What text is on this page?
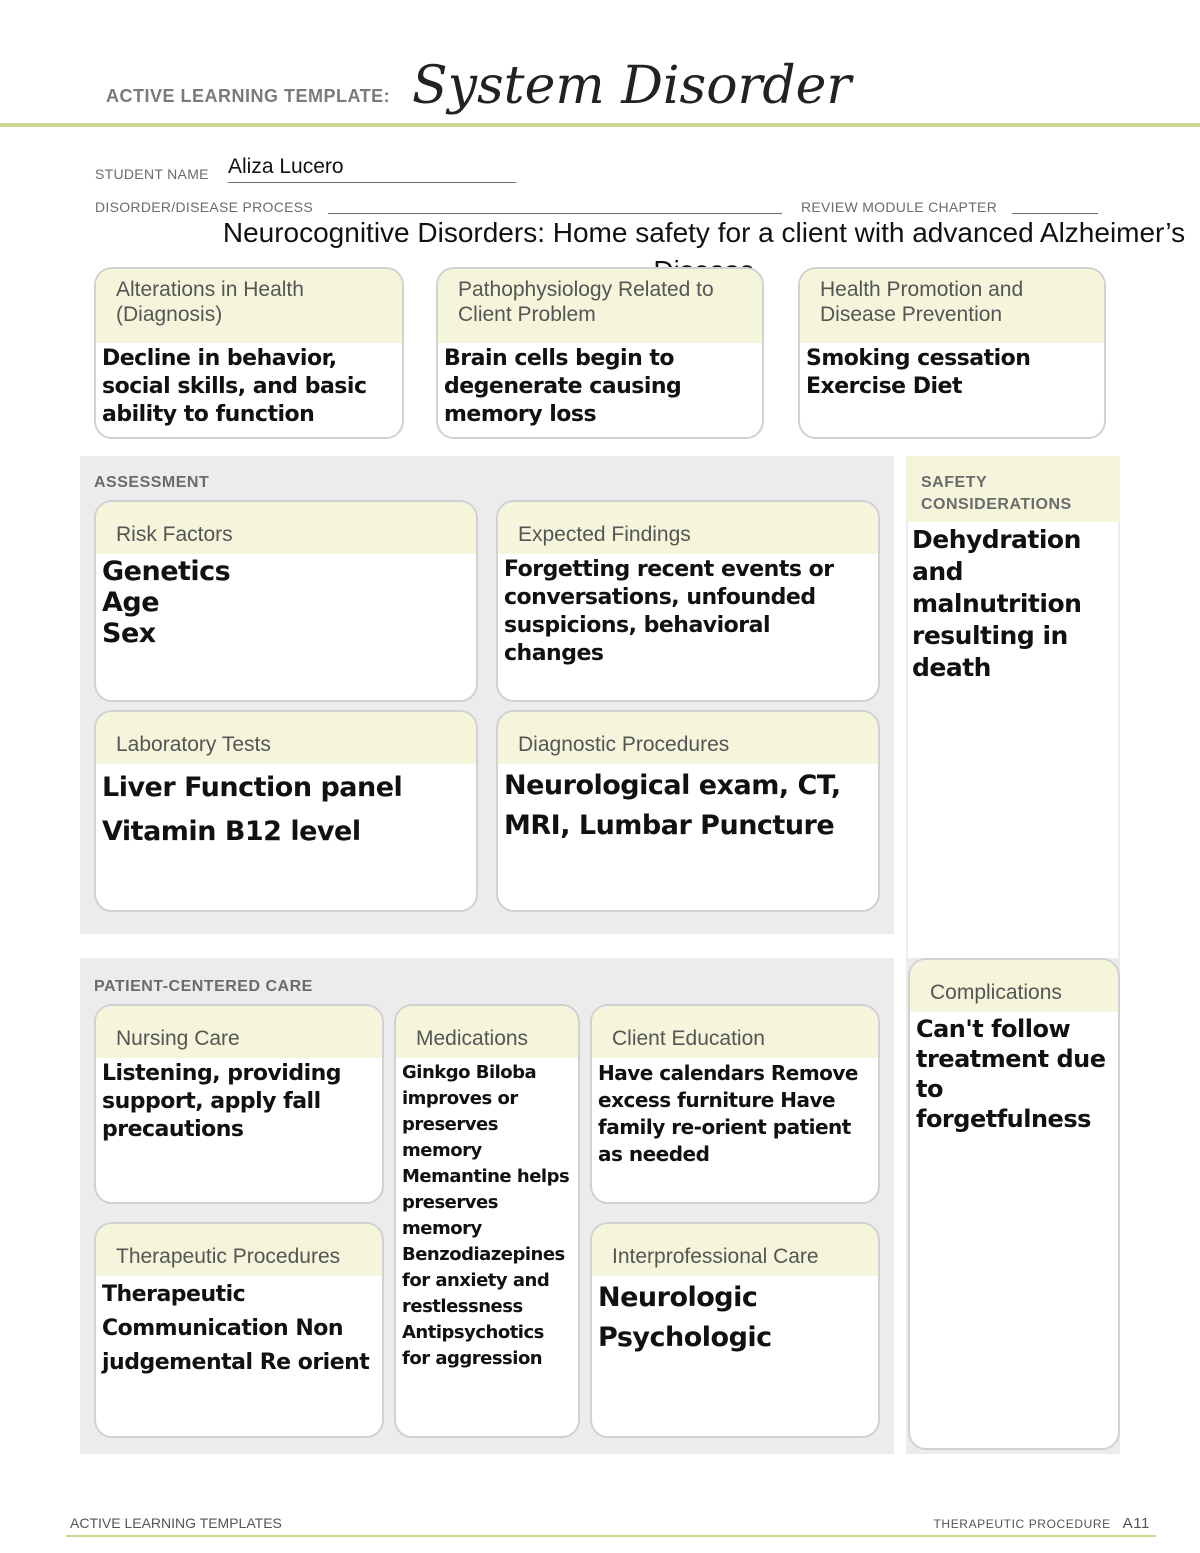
ACTIVE LEARNING TEMPLATE: System Disorder
STUDENT NAME Aliza Lucero
DISORDER/DISEASE PROCESS	REVIEW MODULE CHAPTER
Neurocognitive Disorders: Home safety for a client with advanced Alzheimer’s
Alterations in Health (Diagnosis)
Decline in behavior, social skills, and basic ability to function
Pathophysiology Related to Client Problem
Brain cells begin to degenerate causing memory loss
Health Promotion and Disease Prevention
Smoking cessation Exercise Diet
ASSESSMENT
Risk Factors
Genetics Age Sex
Expected Findings
Forgetting recent events or conversations, unfounded suspicions, behavioral changes
Laboratory Tests
Liver Function panel Vitamin B12 level
Diagnostic Procedures
Neurological exam, CT, MRI, Lumbar Puncture
SAFETY CONSIDERATIONS
Dehydration and malnutrition resulting in death
Complications
Can't follow treatment due to forgetfulness
PATIENT-CENTERED CARE
Nursing Care
Listening, providing support, apply fall precautions
Medications
Ginkgo Biloba improves or preserves memory Memantine helps preserves memory Benzodiazepines for anxiety and restlessness Antipsychotics for aggression
Client Education
Have calendars Remove excess furniture Have family re-orient patient as needed
Therapeutic Procedures
Therapeutic Communication Non judgemental Re orient
Interprofessional Care
Neurologic Psychologic
ACTIVE LEARNING TEMPLATES	THERAPEUTIC PROCEDURE A11
